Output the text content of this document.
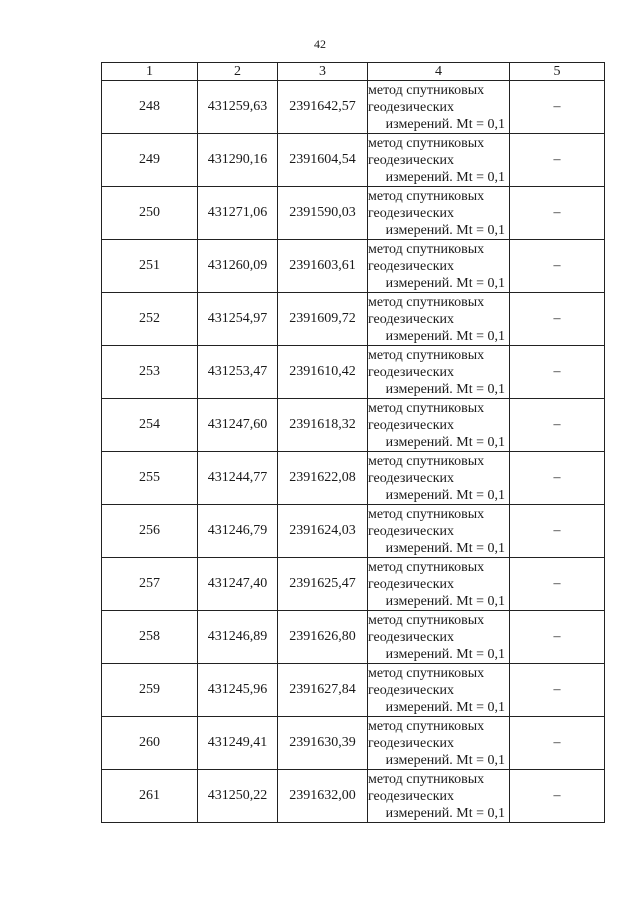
42
1	2	3	4	5
248	431259,63	2391642,57	метод спутниковых
геодезических
измерений. Mt = 0,1	–
249	431290,16	2391604,54	метод спутниковых
геодезических
измерений. Mt = 0,1	–
250	431271,06	2391590,03	метод спутниковых
геодезических
измерений. Mt = 0,1	–
251	431260,09	2391603,61	метод спутниковых
геодезических
измерений. Mt = 0,1	–
252	431254,97	2391609,72	метод спутниковых
геодезических
измерений. Mt = 0,1	–
253	431253,47	2391610,42	метод спутниковых
геодезических
измерений. Mt = 0,1	–
254	431247,60	2391618,32	метод спутниковых
геодезических
измерений. Mt = 0,1	–
255	431244,77	2391622,08	метод спутниковых
геодезических
измерений. Mt = 0,1	–
256	431246,79	2391624,03	метод спутниковых
геодезических
измерений. Mt = 0,1	–
257	431247,40	2391625,47	метод спутниковых
геодезических
измерений. Mt = 0,1	–
258	431246,89	2391626,80	метод спутниковых
геодезических
измерений. Mt = 0,1	–
259	431245,96	2391627,84	метод спутниковых
геодезических
измерений. Mt = 0,1	–
260	431249,41	2391630,39	метод спутниковых
геодезических
измерений. Mt = 0,1	–
261	431250,22	2391632,00	метод спутниковых
геодезических
измерений. Mt = 0,1	–
